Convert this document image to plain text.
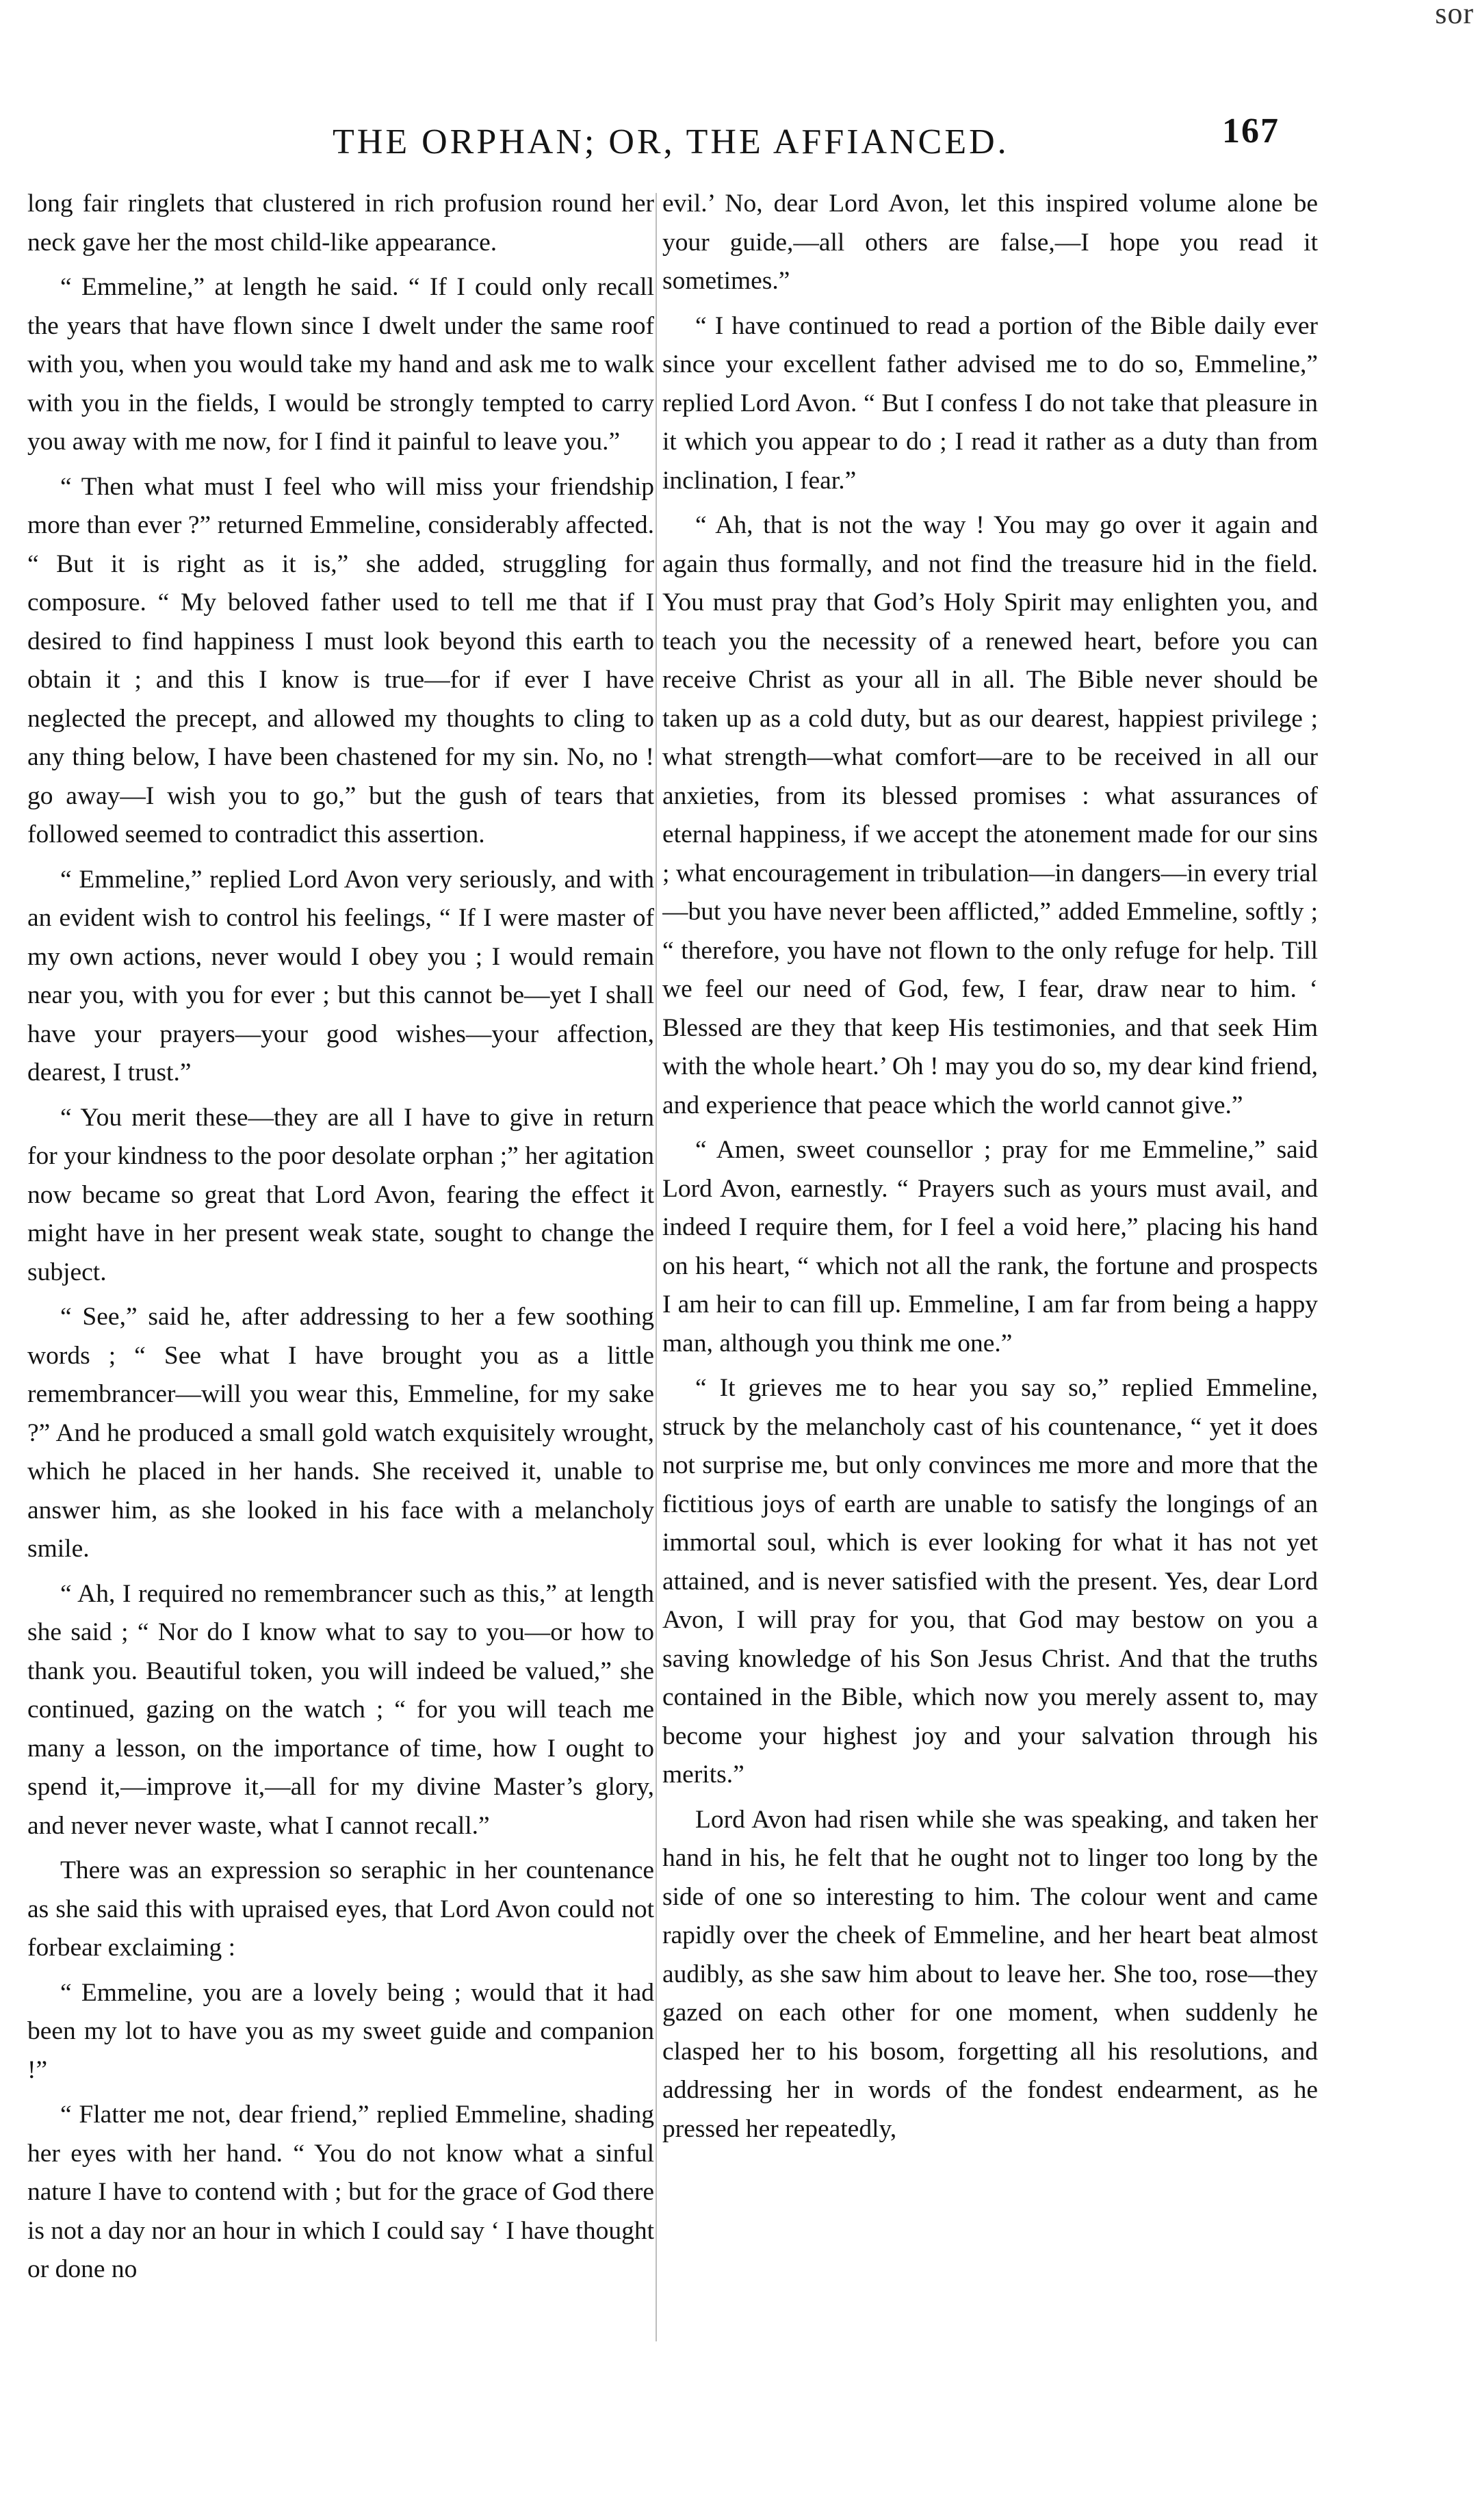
sor
THE ORPHAN; OR, THE AFFIANCED.	167

long fair ringlets that clustered in rich profusion round her neck gave her the most child-like appearance.

“ Emmeline,” at length he said. “ If I could only recall the years that have flown since I dwelt under the same roof with you, when you would take my hand and ask me to walk with you in the fields, I would be strongly tempted to carry you away with me now, for I find it painful to leave you.”

“ Then what must I feel who will miss your friendship more than ever ?” returned Emmeline, considerably affected. “ But it is right as it is,” she added, struggling for composure. “ My beloved father used to tell me that if I desired to find happiness I must look beyond this earth to obtain it ; and this I know is true—for if ever I have neglected the precept, and allowed my thoughts to cling to any thing below, I have been chastened for my sin. No, no ! go away—I wish you to go,” but the gush of tears that followed seemed to contradict this assertion.

“ Emmeline,” replied Lord Avon very seriously, and with an evident wish to control his feelings, “ If I were master of my own actions, never would I obey you ; I would remain near you, with you for ever ; but this cannot be—yet I shall have your prayers—your good wishes—your affection, dearest, I trust.”

“ You merit these—they are all I have to give in return for your kindness to the poor desolate orphan ;” her agitation now became so great that Lord Avon, fearing the effect it might have in her present weak state, sought to change the subject.

“ See,” said he, after addressing to her a few soothing words ; “ See what I have brought you as a little remembrancer—will you wear this, Emmeline, for my sake ?” And he produced a small gold watch exquisitely wrought, which he placed in her hands. She received it, unable to answer him, as she looked in his face with a melancholy smile.

“ Ah, I required no remembrancer such as this,” at length she said ; “ Nor do I know what to say to you—or how to thank you. Beautiful token, you will indeed be valued,” she continued, gazing on the watch ; “ for you will teach me many a lesson, on the importance of time, how I ought to spend it,—improve it,—all for my divine Master’s glory, and never never waste, what I cannot recall.”

There was an expression so seraphic in her countenance as she said this with upraised eyes, that Lord Avon could not forbear exclaiming :

“ Emmeline, you are a lovely being ; would that it had been my lot to have you as my sweet guide and companion !”

“ Flatter me not, dear friend,” replied Emmeline, shading her eyes with her hand. “ You do not know what a sinful nature I have to contend with ; but for the grace of God there is not a day nor an hour in which I could say ‘ I have thought or done no

evil.’ No, dear Lord Avon, let this inspired volume alone be your guide,—all others are false,—I hope you read it sometimes.”

“ I have continued to read a portion of the Bible daily ever since your excellent father advised me to do so, Emmeline,” replied Lord Avon. “ But I confess I do not take that pleasure in it which you appear to do ; I read it rather as a duty than from inclination, I fear.”

“ Ah, that is not the way ! You may go over it again and again thus formally, and not find the treasure hid in the field. You must pray that God’s Holy Spirit may enlighten you, and teach you the necessity of a renewed heart, before you can receive Christ as your all in all. The Bible never should be taken up as a cold duty, but as our dearest, happiest privilege ; what strength—what comfort—are to be received in all our anxieties, from its blessed promises : what assurances of eternal happiness, if we accept the atonement made for our sins ; what encouragement in tribulation—in dangers—in every trial—but you have never been afflicted,” added Emmeline, softly ; “ therefore, you have not flown to the only refuge for help. Till we feel our need of God, few, I fear, draw near to him. ‘ Blessed are they that keep His testimonies, and that seek Him with the whole heart.’ Oh ! may you do so, my dear kind friend, and experience that peace which the world cannot give.”

“ Amen, sweet counsellor ; pray for me Emmeline,” said Lord Avon, earnestly. “ Prayers such as yours must avail, and indeed I require them, for I feel a void here,” placing his hand on his heart, “ which not all the rank, the fortune and prospects I am heir to can fill up. Emmeline, I am far from being a happy man, although you think me one.”

“ It grieves me to hear you say so,” replied Emmeline, struck by the melancholy cast of his countenance, “ yet it does not surprise me, but only convinces me more and more that the fictitious joys of earth are unable to satisfy the longings of an immortal soul, which is ever looking for what it has not yet attained, and is never satisfied with the present. Yes, dear Lord Avon, I will pray for you, that God may bestow on you a saving knowledge of his Son Jesus Christ. And that the truths contained in the Bible, which now you merely assent to, may become your highest joy and your salvation through his merits.”

Lord Avon had risen while she was speaking, and taken her hand in his, he felt that he ought not to linger too long by the side of one so interesting to him. The colour went and came rapidly over the cheek of Emmeline, and her heart beat almost audibly, as she saw him about to leave her. She too, rose—they gazed on each other for one moment, when suddenly he clasped her to his bosom, forgetting all his resolutions, and addressing her in words of the fondest endearment, as he pressed her repeatedly,
